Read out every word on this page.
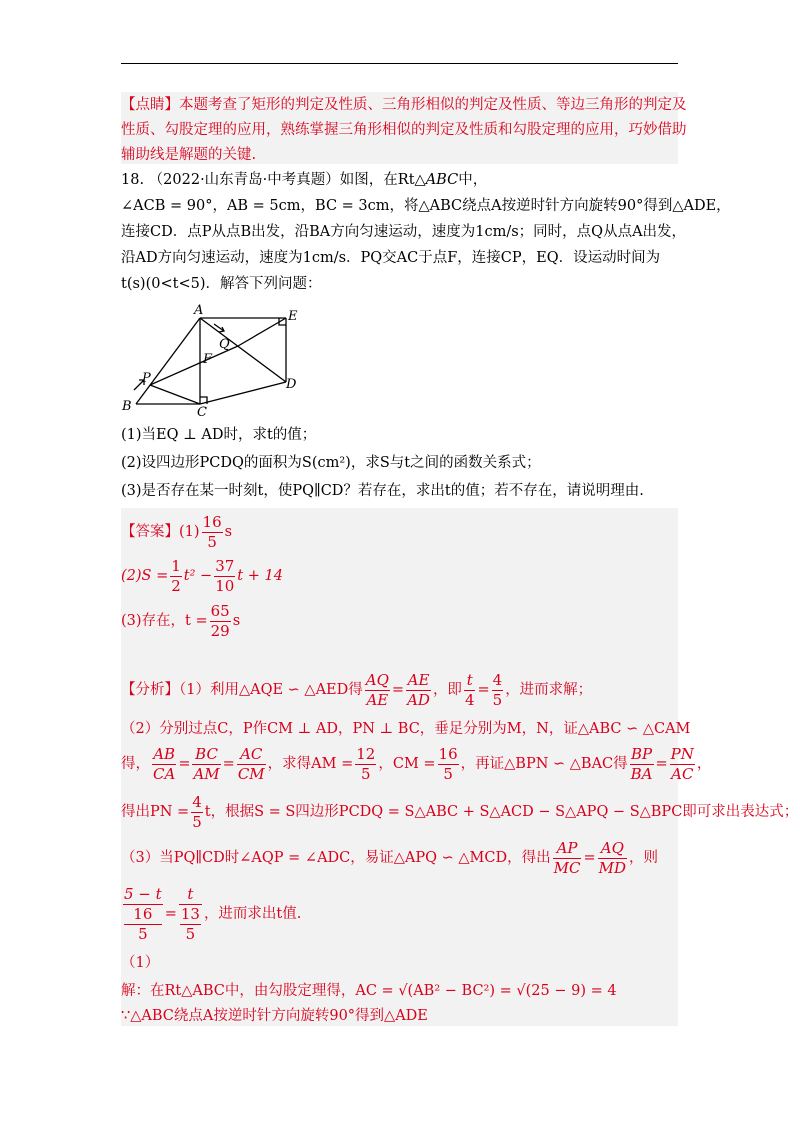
【点睛】本题考查了矩形的判定及性质、三角形相似的判定及性质、等边三角形的判定及
性质、勾股定理的应用，熟练掌握三角形相似的判定及性质和勾股定理的应用，巧妙借助
辅助线是解题的关键.
18. （2022·山东青岛·中考真题）如图，在Rt△ABC中，
∠ACB = 90°，AB = 5cm，BC = 3cm，将△ABC绕点A按逆时针方向旋转90°得到△ADE，
连接CD．点P从点B出发，沿BA方向匀速运动，速度为1cm/s；同时，点Q从点A出发，
沿AD方向匀速运动，速度为1cm/s．PQ交AC于点F，连接CP，EQ．设运动时间为
t(s)(0<t<5)．解答下列问题：
A	E
Q
F
P	D
B	C
(1)当EQ ⊥ AD时，求t的值；
(2)设四边形PCDQ的面积为S(cm²)，求S与t之间的函数关系式；
(3)是否存在某一时刻t，使PQ∥CD？若存在，求出t的值；若不存在，请说明理由.
【答案】$(1) \frac{16}{5}$ s
$(2)S = \frac{1}{2} t^2 - \frac{37}{10}$ t + 14
(3)存在，$t = \frac{65}{29}$ s
【分析】（1）利用△AQE ∽ △AED得 $\frac{AQ}{AE} = \frac{AE}{AD}$ ，即 $\frac{t}{4} = \frac{4}{5}$ ，进而求解；
（2）分别过点C，P作CM ⊥ AD，PN ⊥ BC，垂足分别为M，N，证△ABC ∽ △CAM
得， $\frac{AB}{CA} = \frac{BC}{AM} = \frac{AC}{CM}$ ，求得AM = $\frac{12}{5}$ ，CM = $\frac{16}{5}$ ，再证△BPN ∽ △BAC得 $\frac{BP}{BA} = \frac{PN}{AC}$ ，
得出PN = $\frac{4}{5}$ t，根据S = S四边形PCDQ = S△ABC + S△ACD − S△APQ − S△BPC即可求出表达式；
（3）当PQ∥CD时∠AQP = ∠ADC，易证△APQ ∽ △MCD，得出 $\frac{AP}{MC} = \frac{AQ}{MD}$ ，则
5 − t
16
5 = t
13
5 ，进而求出t值.
（1）
解：在Rt△ABC中，由勾股定理得，AC = √(AB² − BC²) = √(25 − 9) = 4
∵△ABC绕点A按逆时针方向旋转90°得到△ADE
